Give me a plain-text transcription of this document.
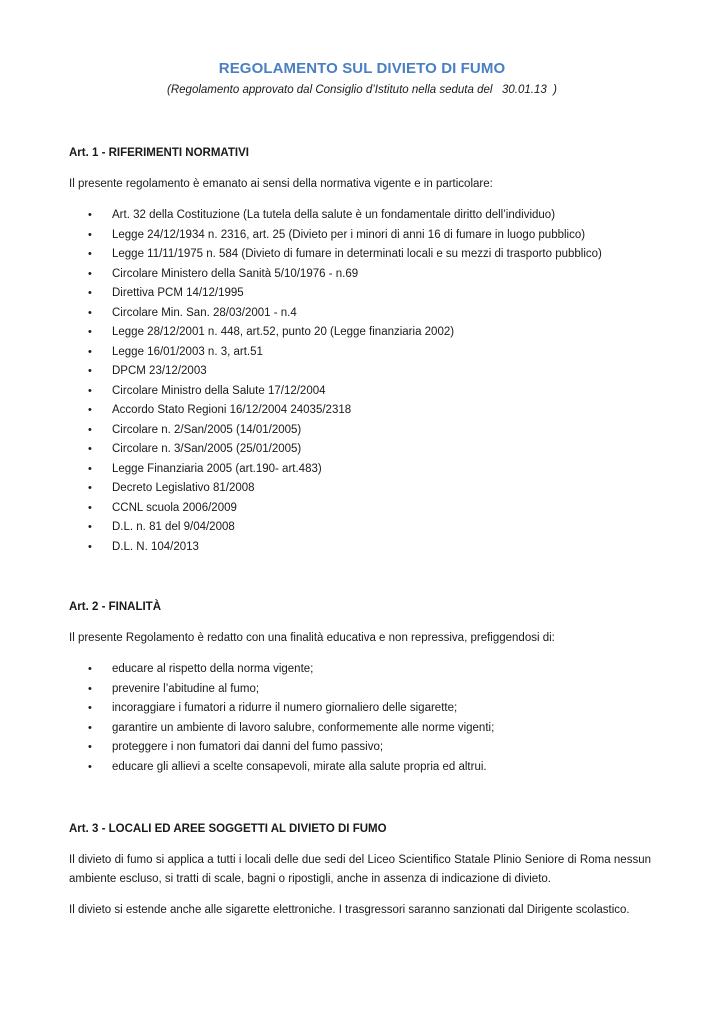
REGOLAMENTO SUL DIVIETO DI FUMO
(Regolamento approvato dal Consiglio d’Istituto nella seduta del   30.01.13  )
Art. 1 - RIFERIMENTI NORMATIVI
Il presente regolamento è emanato ai sensi della normativa vigente e in particolare:
• Art. 32 della Costituzione (La tutela della salute è un fondamentale diritto dell’individuo)
• Legge 24/12/1934 n. 2316, art. 25 (Divieto per i minori di anni 16 di fumare in luogo pubblico)
• Legge 11/11/1975 n. 584 (Divieto di fumare in determinati locali e su mezzi di trasporto pubblico)
• Circolare Ministero della Sanità 5/10/1976 - n.69
• Direttiva PCM 14/12/1995
• Circolare Min. San. 28/03/2001 - n.4
• Legge 28/12/2001 n. 448, art.52, punto 20 (Legge finanziaria 2002)
• Legge 16/01/2003 n. 3, art.51
• DPCM 23/12/2003
• Circolare Ministro della Salute 17/12/2004
• Accordo Stato Regioni 16/12/2004 24035/2318
• Circolare n. 2/San/2005 (14/01/2005)
• Circolare n. 3/San/2005 (25/01/2005)
• Legge Finanziaria 2005 (art.190- art.483)
• Decreto Legislativo 81/2008
• CCNL scuola 2006/2009
• D.L. n. 81 del 9/04/2008
• D.L. N. 104/2013
Art. 2 - FINALITÀ
Il presente Regolamento è redatto con una finalità educativa e non repressiva, prefiggendosi di:
• educare al rispetto della norma vigente;
• prevenire l’abitudine al fumo;
• incoraggiare i fumatori a ridurre il numero giornaliero delle sigarette;
• garantire un ambiente di lavoro salubre, conformemente alle norme vigenti;
• proteggere i non fumatori dai danni del fumo passivo;
• educare gli allievi a scelte consapevoli, mirate alla salute propria ed altrui.
Art. 3 - LOCALI ED AREE SOGGETTI AL DIVIETO DI FUMO
Il divieto di fumo si applica a tutti i locali delle due sedi del Liceo Scientifico Statale Plinio Seniore di Roma nessun ambiente escluso, si tratti di scale, bagni o ripostigli, anche in assenza di indicazione di divieto.
Il divieto si estende anche alle sigarette elettroniche. I trasgressori saranno sanzionati dal Dirigente scolastico.
